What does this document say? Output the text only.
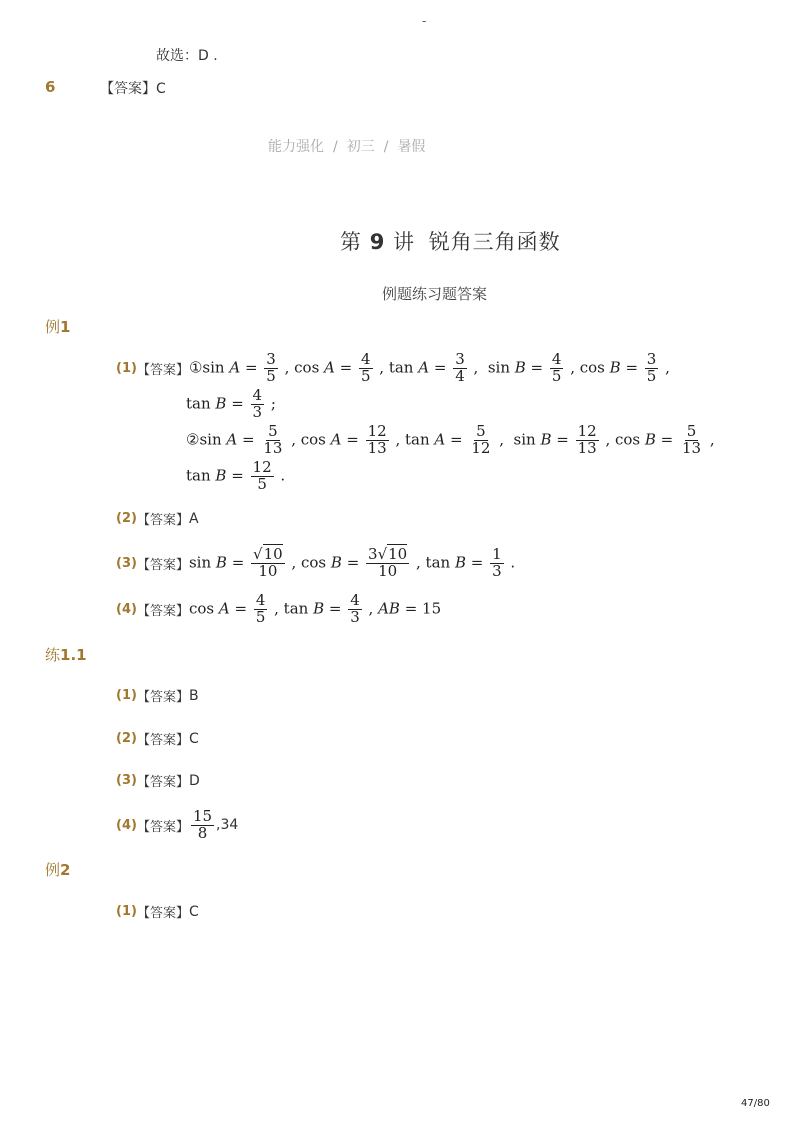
-
故选：D .
6	【答案】C
能力强化 / 初三 / 暑假
第 9 讲 锐角三角函数
例题练习题答案
例1
(1) 【答案】 ①sin $A = \frac{3}{5}$ , $\cos A = \frac{4}{5}$ , $\tan A = \frac{3}{4}$ ,  $\sin B = \frac{4}{5}$ , $\cos B = \frac{3}{5}$ ,
$\tan B = \frac{4}{3}$ ;
②sin $A = \frac{5}{13}$ , $\cos A = \frac{12}{13}$ , $\tan A = \frac{5}{12}$ ,  $\sin B = \frac{12}{13}$ , $\cos B = \frac{5}{13}$ ,
$\tan B = \frac{12}{5}$ .
(2) 【答案】 A
(3) 【答案】 $\sin B = \frac{√10}{10}$ , $\cos B = \frac{3√10}{10}$ , $\tan B = \frac{1}{3}$ .
(4) 【答案】 $\cos A = \frac{4}{5}$ , $\tan B = \frac{4}{3}$ , AB = 15
练1.1
(1) 【答案】 B
(2) 【答案】 C
(3) 【答案】 D
(4) 【答案】 $\frac{15}{8} ,34$
例2
(1) 【答案】 C
47/80
